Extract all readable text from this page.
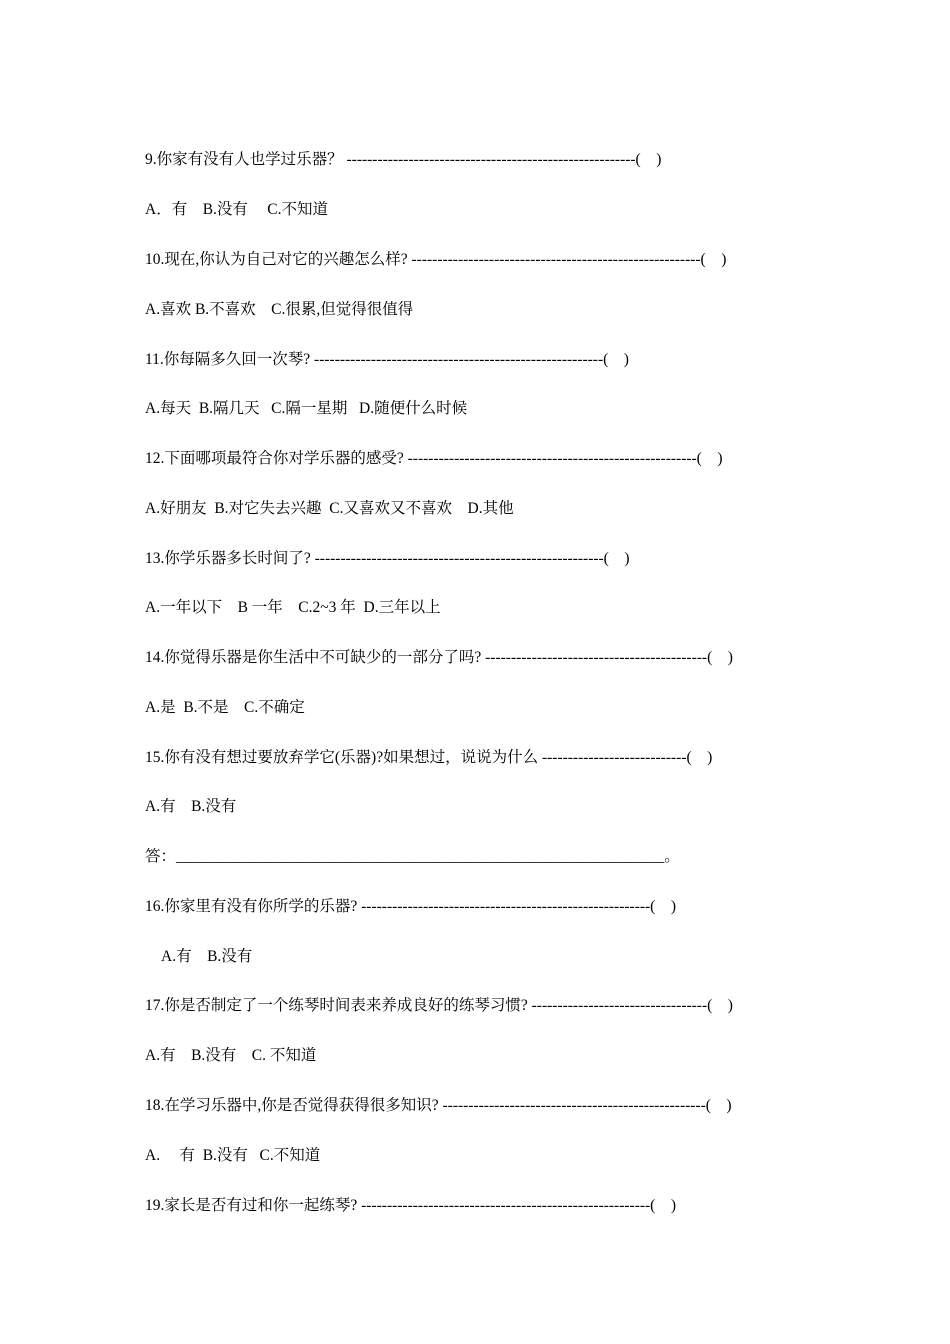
9.你家有没有人也学过乐器？ --------------------------------------------------------(    )
A．有    B.没有     C.不知道
10.现在,你认为自己对它的兴趣怎么样? --------------------------------------------------------(    )
A.喜欢 B.不喜欢    C.很累,但觉得很值得
11.你每隔多久回一次琴? --------------------------------------------------------(    )
A.每天  B.隔几天   C.隔一星期   D.随便什么时候
12.下面哪项最符合你对学乐器的感受? --------------------------------------------------------(    )
A.好朋友  B.对它失去兴趣  C.又喜欢又不喜欢    D.其他
13.你学乐器多长时间了? --------------------------------------------------------(    )
A.一年以下    B 一年    C.2~3 年  D.三年以上
14.你觉得乐器是你生活中不可缺少的一部分了吗? -------------------------------------------(    )
A.是  B.不是    C.不确定
15.你有没有想过要放弃学它(乐器)?如果想过，说说为什么 ----------------------------(    )
A.有    B.没有
答：_______________________________________________________________。
16.你家里有没有你所学的乐器? --------------------------------------------------------(    )
A.有    B.没有
17.你是否制定了一个练琴时间表来养成良好的练琴习惯? ----------------------------------(    )
A.有    B.没有    C. 不知道
18.在学习乐器中,你是否觉得获得很多知识? ---------------------------------------------------(    )
A.     有  B.没有   C.不知道
19.家长是否有过和你一起练琴? --------------------------------------------------------(    )
